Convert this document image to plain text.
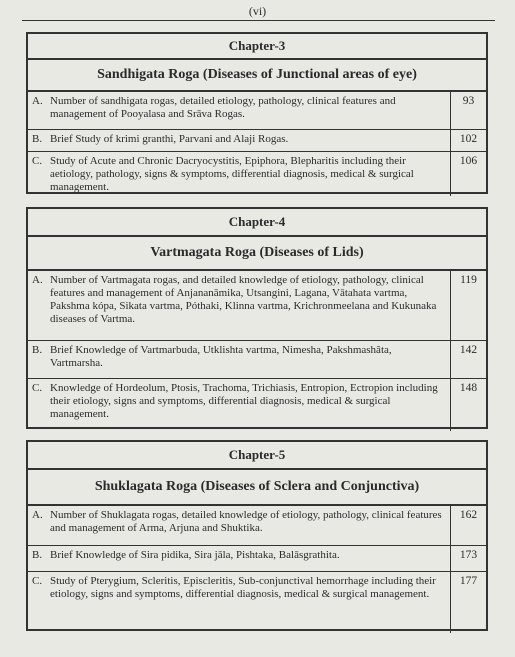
(vi)
Chapter-3
Sandhigata Roga (Diseases of Junctional areas of eye)
A. Number of sandhigata rogas, detailed etiology, pathology, clinical features and management of Pooyalasa and Srāva Rogas.
93
B. Brief Study of krimi granthi, Parvani and Alaji Rogas.	102
C. Study of Acute and Chronic Dacryocystitis, Epiphora, Blepharitis including their aetiology, pathology, signs & symptoms, differential diagnosis, medical & surgical management.
106
Chapter-4
Vartmagata Roga (Diseases of Lids)
A. Number of Vartmagata rogas, and detailed knowledge of etiology, pathology, clinical features and management of Anjananāmika, Utsangini, Lagana, Vātahata vartma, Pakshma kópa, Sikata vartma, Póthaki, Klinna vartma, Krichronmeelana and Kukunaka diseases of Vartma.
119
B. Brief Knowledge of Vartmarbuda, Utklishta vartma, Nimesha, Pakshmashâta, Vartmarsha.
142
C. Knowledge of Hordeolum, Ptosis, Trachoma, Trichiasis, Entropion, Ectropion including their etiology, signs and symptoms, differential diagnosis, medical & surgical management.
148
Chapter-5
Shuklagata Roga (Diseases of Sclera and Conjunctiva)
A. Number of Shuklagata rogas, detailed knowledge of etiology, pathology, clinical features and management of Arma, Arjuna and Shuktika.
162
B. Brief Knowledge of Sira pidika, Sira jāla, Pishtaka, Balāsgrathita.	173
C. Study of Pterygium, Scleritis, Episcleritis, Sub-conjunctival hemorrhage including their etiology, signs and symptoms, differential diagnosis, medical & surgical management.
177
